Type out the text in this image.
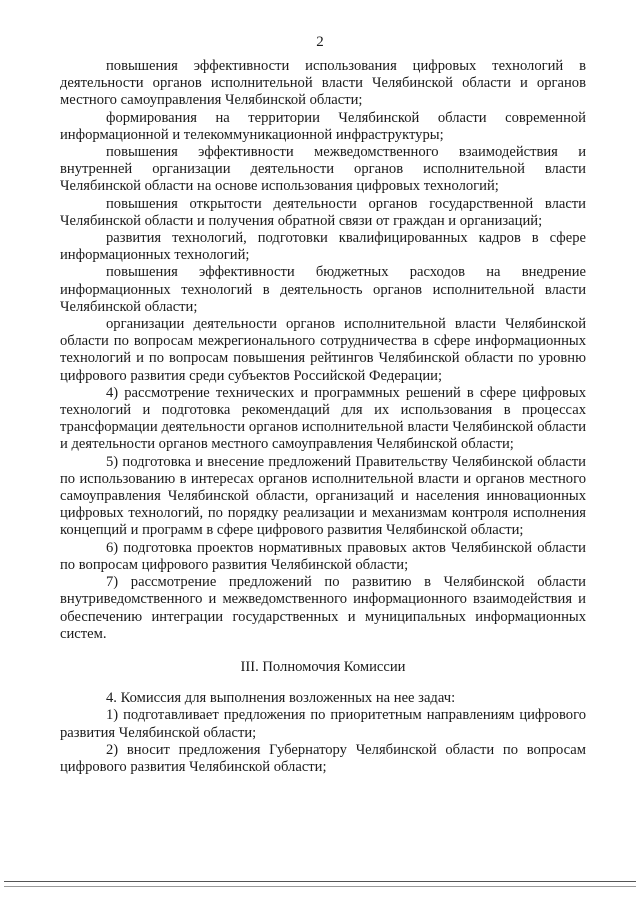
2

повышения эффективности использования цифровых технологий в деятельности органов исполнительной власти Челябинской области и органов местного самоуправления Челябинской области;

формирования на территории Челябинской области современной информационной и телекоммуникационной инфраструктуры;

повышения эффективности межведомственного взаимодействия и внутренней организации деятельности органов исполнительной власти Челябинской области на основе использования цифровых технологий;

повышения открытости деятельности органов государственной власти Челябинской области и получения обратной связи от граждан и организаций;

развития технологий, подготовки квалифицированных кадров в сфере информационных технологий;

повышения эффективности бюджетных расходов на внедрение информационных технологий в деятельность органов исполнительной власти Челябинской области;

организации деятельности органов исполнительной власти Челябинской области по вопросам межрегионального сотрудничества в сфере информационных технологий и по вопросам повышения рейтингов Челябинской области по уровню цифрового развития среди субъектов Российской Федерации;

4) рассмотрение технических и программных решений в сфере цифровых технологий и подготовка рекомендаций для их использования в процессах трансформации деятельности органов исполнительной власти Челябинской области и деятельности органов местного самоуправления Челябинской области;

5) подготовка и внесение предложений Правительству Челябинской области по использованию в интересах органов исполнительной власти и органов местного самоуправления Челябинской области, организаций и населения инновационных цифровых технологий, по порядку реализации и механизмам контроля исполнения концепций и программ в сфере цифрового развития Челябинской области;

6) подготовка проектов нормативных правовых актов Челябинской области по вопросам цифрового развития Челябинской области;

7) рассмотрение предложений по развитию в Челябинской области внутриведомственного и межведомственного информационного взаимодействия и обеспечению интеграции государственных и муниципальных информационных систем.

III. Полномочия Комиссии

4. Комиссия для выполнения возложенных на нее задач:

1) подготавливает предложения по приоритетным направлениям цифрового развития Челябинской области;

2) вносит предложения Губернатору Челябинской области по вопросам цифрового развития Челябинской области;
